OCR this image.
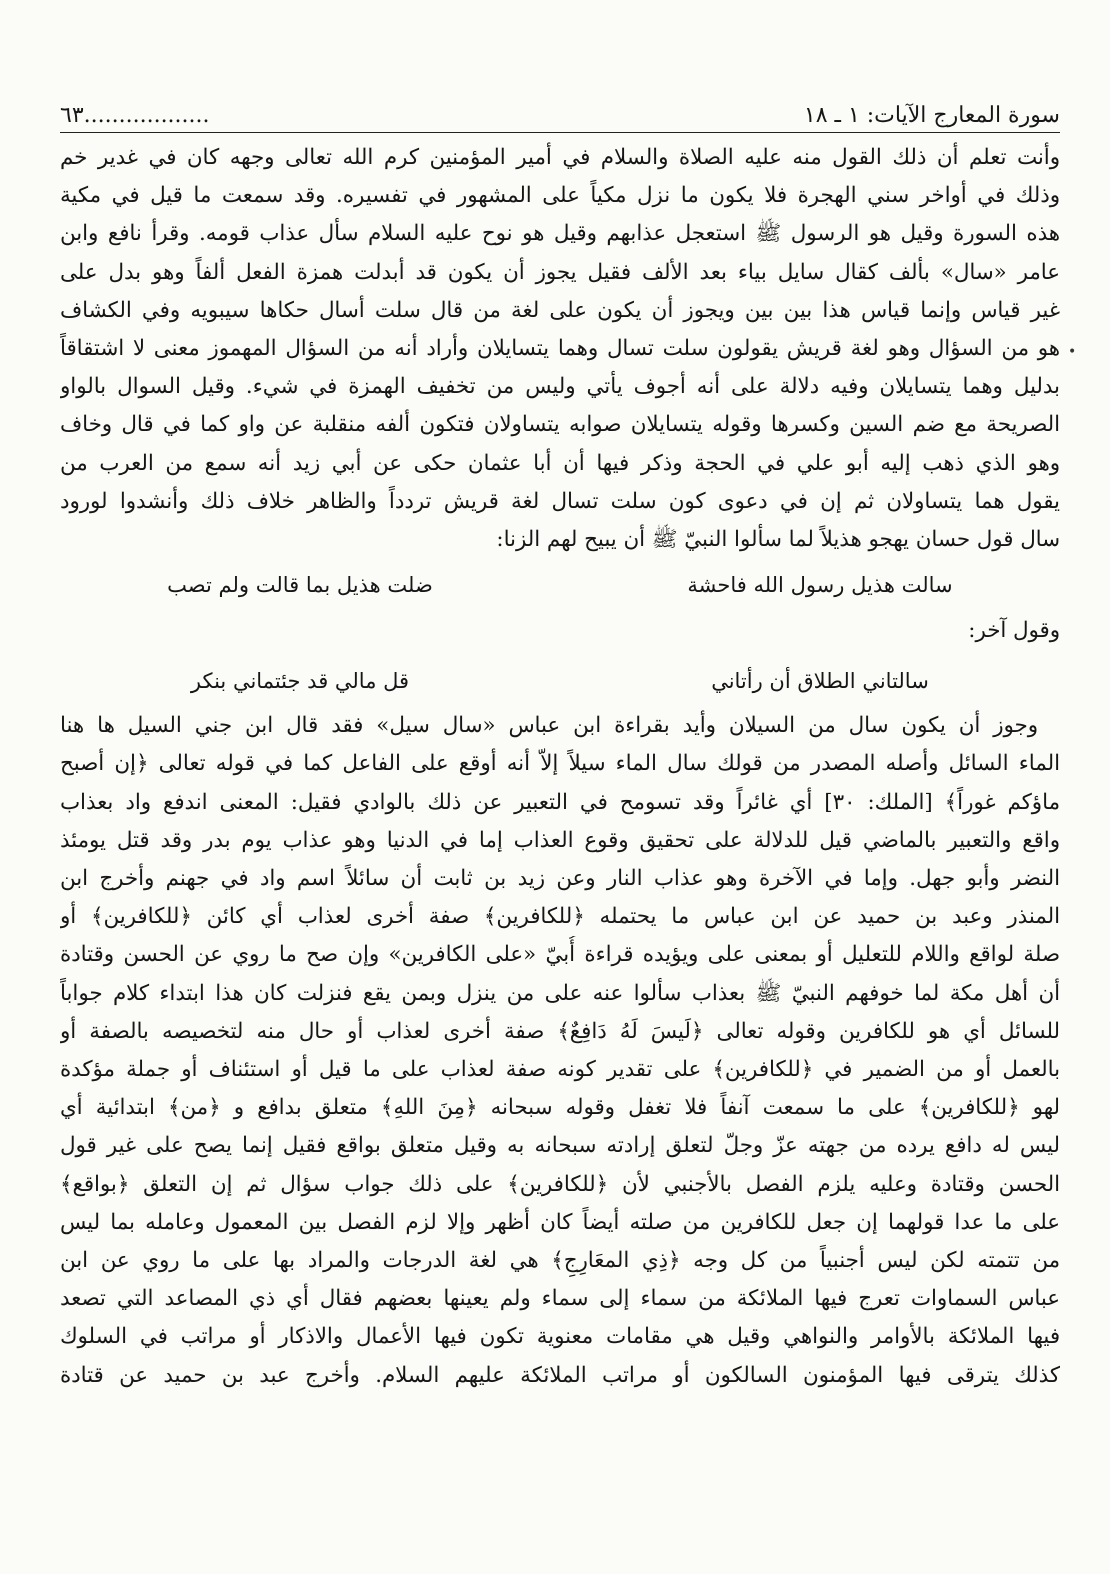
•
سورة المعارج الآيات: ١ ـ ١٨
..................٦٣
وأنت تعلم أن ذلك القول منه عليه الصلاة والسلام في أمير المؤمنين كرم الله تعالى وجهه كان في غدير خم
وذلك في أواخر سني الهجرة فلا يكون ما نزل مكياً على المشهور في تفسيره. وقد سمعت ما قيل في مكية
هذه السورة وقيل هو الرسول ﷺ استعجل عذابهم وقيل هو نوح عليه السلام سأل عذاب قومه. وقرأ نافع وابن
عامر «سال» بألف كقال سايل بياء بعد الألف فقيل يجوز أن يكون قد أبدلت همزة الفعل ألفاً وهو بدل على
غير قياس وإنما قياس هذا بين بين ويجوز أن يكون على لغة من قال سلت أسال حكاها سيبويه وفي الكشاف
هو من السؤال وهو لغة قريش يقولون سلت تسال وهما يتسايلان وأراد أنه من السؤال المهموز معنى لا اشتقاقاً
بدليل وهما يتسايلان وفيه دلالة على أنه أجوف يأتي وليس من تخفيف الهمزة في شيء. وقيل السوال بالواو
الصريحة مع ضم السين وكسرها وقوله يتسايلان صوابه يتساولان فتكون ألفه منقلبة عن واو كما في قال وخاف
وهو الذي ذهب إليه أبو علي في الحجة وذكر فيها أن أبا عثمان حكى عن أبي زيد أنه سمع من العرب من
يقول هما يتساولان ثم إن في دعوى كون سلت تسال لغة قريش تردداً والظاهر خلاف ذلك وأنشدوا لورود
سال قول حسان يهجو هذيلاً لما سألوا النبيّ ﷺ أن يبيح لهم الزنا:
سالت هذيل رسول الله فاحشة
ضلت هذيل بما قالت ولم تصب
وقول آخر:
سالتاني الطلاق أن رأتاني
قل مالي قد جئتماني بنكر
وجوز أن يكون سال من السيلان وأيد بقراءة ابن عباس «سال سيل» فقد قال ابن جني السيل ها هنا
الماء السائل وأصله المصدر من قولك سال الماء سيلاً إلاّ أنه أوقع على الفاعل كما في قوله تعالى ﴿إن أصبح
ماؤكم غوراً﴾ [الملك: ٣٠] أي غائراً وقد تسومح في التعبير عن ذلك بالوادي فقيل: المعنى اندفع واد بعذاب
واقع والتعبير بالماضي قيل للدلالة على تحقيق وقوع العذاب إما في الدنيا وهو عذاب يوم بدر وقد قتل يومئذ
النضر وأبو جهل. وإما في الآخرة وهو عذاب النار وعن زيد بن ثابت أن سائلاً اسم واد في جهنم وأخرج ابن
المنذر وعبد بن حميد عن ابن عباس ما يحتمله ﴿للكافرين﴾ صفة أخرى لعذاب أي كائن ﴿للكافرين﴾ أو
صلة لواقع واللام للتعليل أو بمعنى على ويؤيده قراءة أُبيّ «على الكافرين» وإن صح ما روي عن الحسن وقتادة
أن أهل مكة لما خوفهم النبيّ ﷺ بعذاب سألوا عنه على من ينزل وبمن يقع فنزلت كان هذا ابتداء كلام جواباً
للسائل أي هو للكافرين وقوله تعالى ﴿لَيسَ لَهُ دَافِعٌ﴾ صفة أخرى لعذاب أو حال منه لتخصيصه بالصفة أو
بالعمل أو من الضمير في ﴿للكافرين﴾ على تقدير كونه صفة لعذاب على ما قيل أو استئناف أو جملة مؤكدة
لهو ﴿للكافرين﴾ على ما سمعت آنفاً فلا تغفل وقوله سبحانه ﴿مِنَ اللهِ﴾ متعلق بدافع و ﴿من﴾ ابتدائية أي
ليس له دافع يرده من جهته عزّ وجلّ لتعلق إرادته سبحانه به وقيل متعلق بواقع فقيل إنما يصح على غير قول
الحسن وقتادة وعليه يلزم الفصل بالأجنبي لأن ﴿للكافرين﴾ على ذلك جواب سؤال ثم إن التعلق ﴿بواقع﴾
على ما عدا قولهما إن جعل للكافرين من صلته أيضاً كان أظهر وإلا لزم الفصل بين المعمول وعامله بما ليس
من تتمته لكن ليس أجنبياً من كل وجه ﴿ذِي المعَارِجِ﴾ هي لغة الدرجات والمراد بها على ما روي عن ابن
عباس السماوات تعرج فيها الملائكة من سماء إلى سماء ولم يعينها بعضهم فقال أي ذي المصاعد التي تصعد
فيها الملائكة بالأوامر والنواهي وقيل هي مقامات معنوية تكون فيها الأعمال والاذكار أو مراتب في السلوك
كذلك يترقى فيها المؤمنون السالكون أو مراتب الملائكة عليهم السلام. وأخرج عبد بن حميد عن قتادة
